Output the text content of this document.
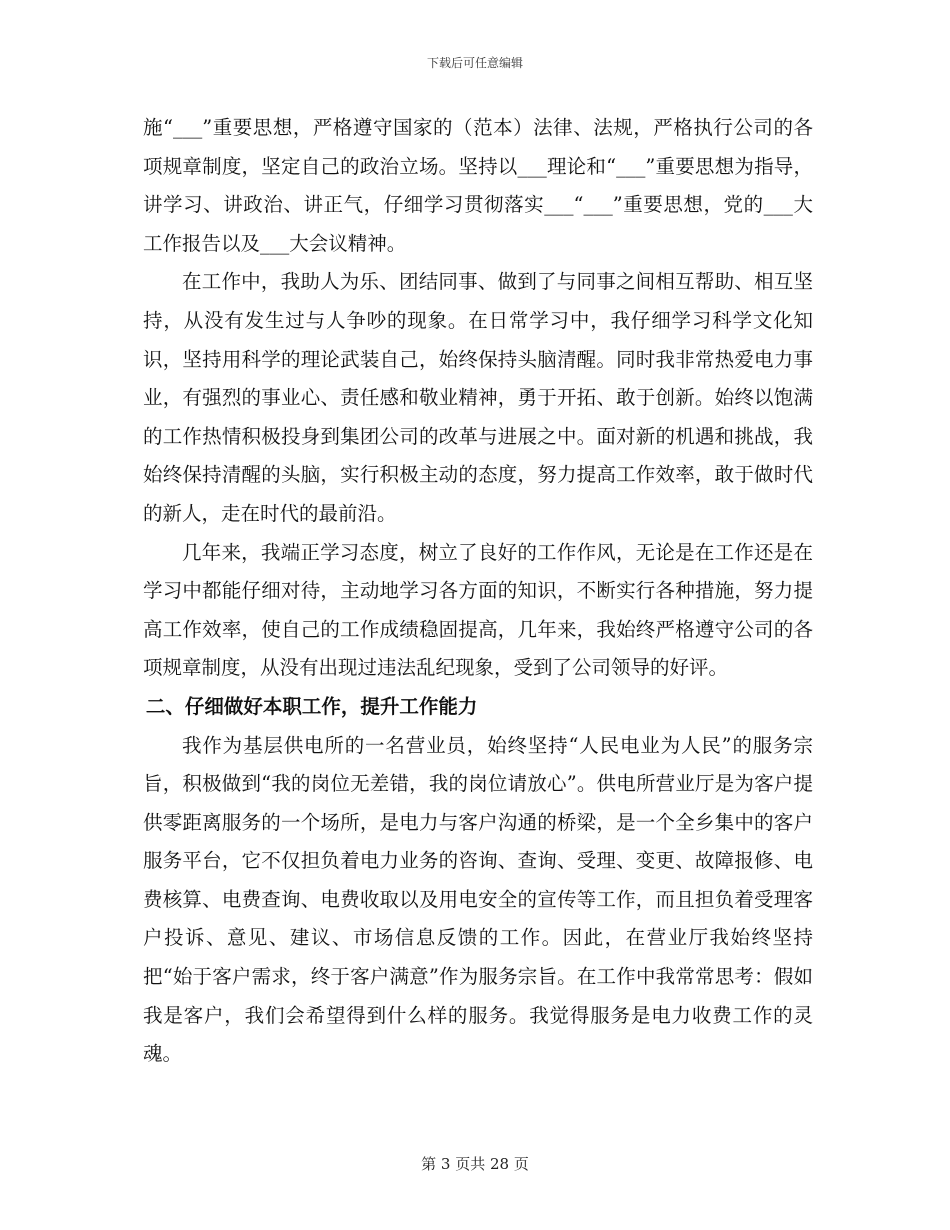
下载后可任意编辑

施“___”重要思想，严格遵守国家的（范本）法律、法规，严格执行公司的各项规章制度，坚定自己的政治立场。坚持以___理论和“___”重要思想为指导，讲学习、讲政治、讲正气，仔细学习贯彻落实___“___”重要思想，党的___大工作报告以及___大会议精神。

在工作中，我助人为乐、团结同事、做到了与同事之间相互帮助、相互坚持，从没有发生过与人争吵的现象。在日常学习中，我仔细学习科学文化知识，坚持用科学的理论武装自己，始终保持头脑清醒。同时我非常热爱电力事业，有强烈的事业心、责任感和敬业精神，勇于开拓、敢于创新。始终以饱满的工作热情积极投身到集团公司的改革与进展之中。面对新的机遇和挑战，我始终保持清醒的头脑，实行积极主动的态度，努力提高工作效率，敢于做时代的新人，走在时代的最前沿。

几年来，我端正学习态度，树立了良好的工作作风，无论是在工作还是在学习中都能仔细对待，主动地学习各方面的知识，不断实行各种措施，努力提高工作效率，使自己的工作成绩稳固提高，几年来，我始终严格遵守公司的各项规章制度，从没有出现过违法乱纪现象，受到了公司领导的好评。

二、仔细做好本职工作，提升工作能力

我作为基层供电所的一名营业员，始终坚持“人民电业为人民”的服务宗旨，积极做到“我的岗位无差错，我的岗位请放心”。供电所营业厅是为客户提供零距离服务的一个场所，是电力与客户沟通的桥梁，是一个全乡集中的客户服务平台，它不仅担负着电力业务的咨询、查询、受理、变更、故障报修、电费核算、电费查询、电费收取以及用电安全的宣传等工作，而且担负着受理客户投诉、意见、建议、市场信息反馈的工作。因此，在营业厅我始终坚持把“始于客户需求，终于客户满意”作为服务宗旨。在工作中我常常思考：假如我是客户，我们会希望得到什么样的服务。我觉得服务是电力收费工作的灵魂。

第 3 页共 28 页
